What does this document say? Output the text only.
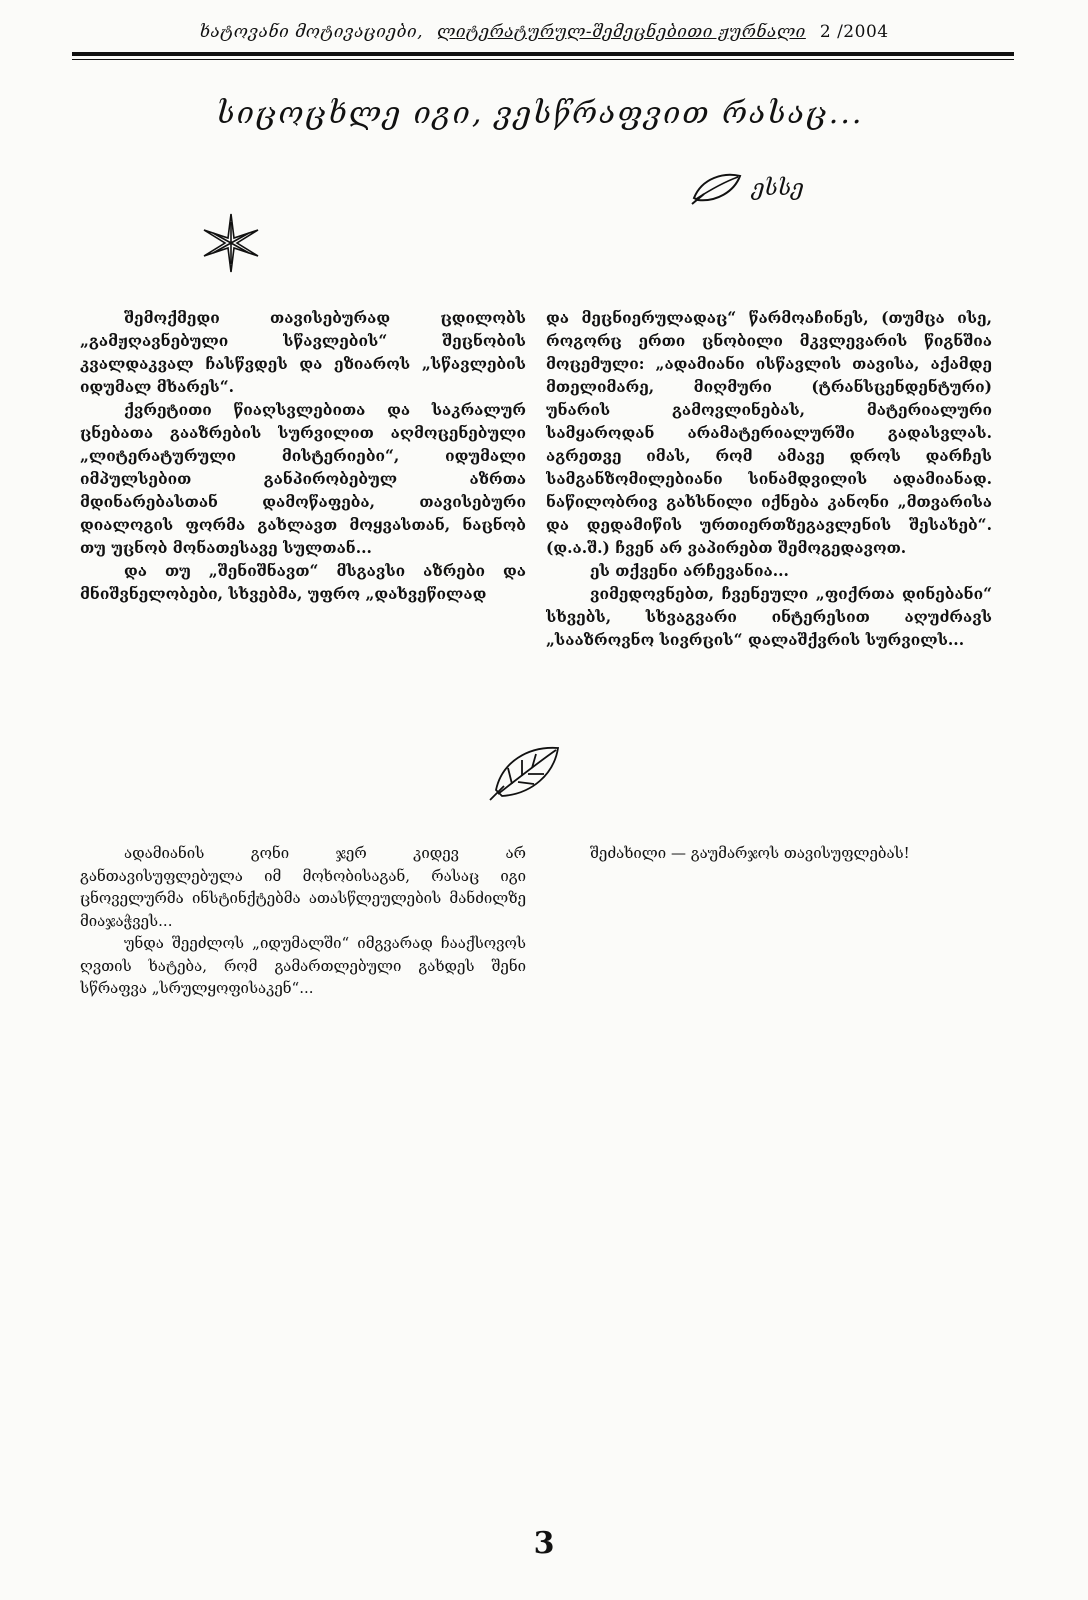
ხატოვანი მოტივაციები, ლიტერატურულ-შემეცნებითი ჟურნალი 2 /2004
სიცოცხლე იგი, ვესწრაფვით რასაც...
ესსე

შემოქმედი თავისებურად ცდილობს „გამჟღავნებული სწავლების“ შეცნობის კვალდაკვალ ჩასწვდეს და ეზიაროს „სწავლების იდუმალ მხარეს“.

ქვრეტითი წიაღსვლებითა და საკრალურ ცნებათა გააზრების სურვილით აღმოცენებული „ლიტერატურული მისტერიები“, იდუმალი იმპულსებით განპირობებულ აზრთა მდინარებასთან დამოწაფება, თავისებური დიალოგის ფორმა გახლავთ მოყვასთან, ნაცნობ თუ უცნობ მონათესავე სულთან...

და თუ „შენიშნავთ“ მსგავსი აზრები და მნიშვნელობები, სხვებმა, უფრო „დახვეწილად

და მეცნიერულადაც“ წარმოაჩინეს, (თუმცა ისე, როგორც ერთი ცნობილი მკვლევარის წიგნშია მოცემული: „ადამიანი ისწავლის თავისა, აქამდე მთელიმარე, მიღმური (ტრანსცენდენტური) უნარის გამოვლინებას, მატერიალური სამყაროდან არამატერიალურში გადასვლას. აგრეთვე იმას, რომ ამავე დროს დარჩეს სამგანზომილებიანი სინამდვილის ადამიანად. ნაწილობრივ გახსნილი იქნება კანონი „მთვარისა და დედამიწის ურთიერთზეგავლენის შესახებ“.(დ.ა.შ.) ჩვენ არ ვაპირებთ შემოგედავოთ.

ეს თქვენი არჩევანია...

ვიმედოვნებთ, ჩვენეული „ფიქრთა დინებანი“ სხვებს, სხვაგვარი ინტერესით აღუძრავს „სააზროვნო სივრცის“ დალაშქვრის სურვილს...

ადამიანის გონი ჯერ კიდევ არ განთავისუფლებულა იმ მოხობისაგან, რასაც იგი ცნოველურმა ინსტინქტებმა ათასწლეულების მანძილზე მიაჯაჭვეს...

უნდა შეეძლოს „იდუმალში“ იმგვარად ჩააქსოვოს ღვთის ხატება, რომ გამართლებული გახდეს შენი სწრაფვა „სრულყოფისაკენ“...

შეძახილი — გაუმარჯოს თავისუფლებას!

3
